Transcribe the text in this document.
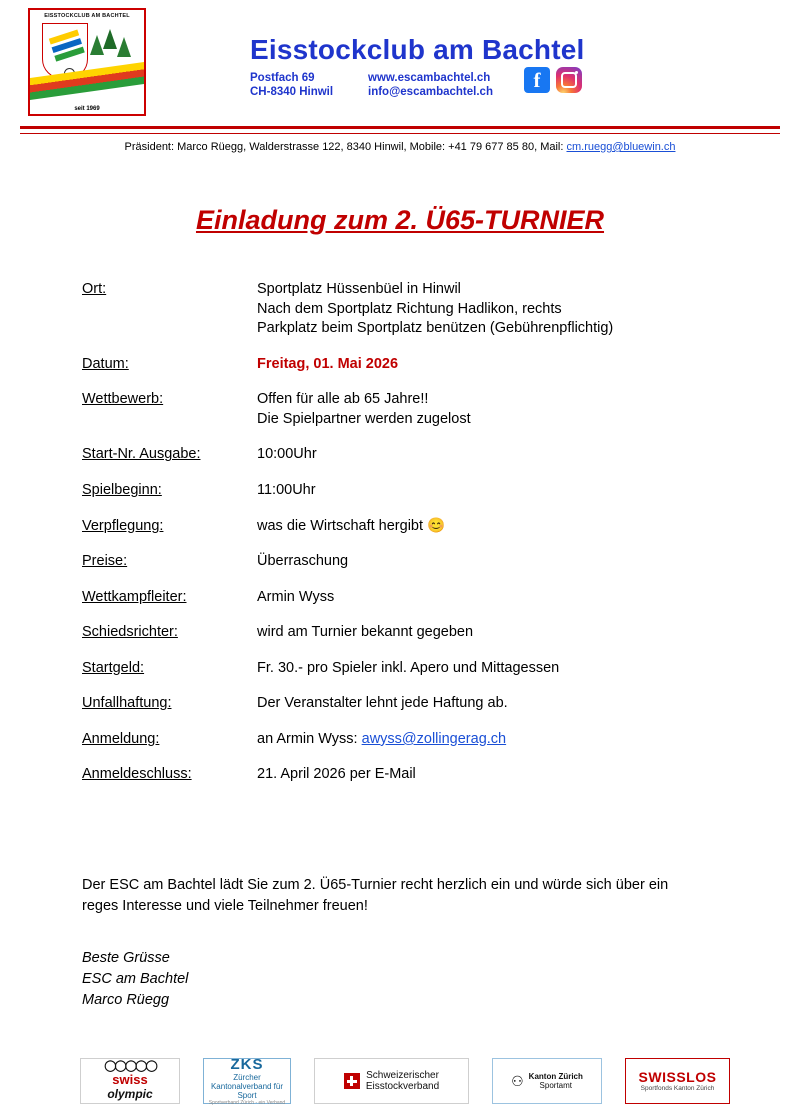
EISSTOCKCLUB AM BACHTEL
seit 1969
Eisstockclub am Bachtel
Postfach 69
CH-8340 Hinwil
www.escambachtel.ch
info@escambachtel.ch
f
Präsident: Marco Rüegg, Walderstrasse 122, 8340 Hinwil, Mobile: +41 79 677 85 80, Mail: cm.ruegg@bluewin.ch
Einladung zum 2. Ü65-TURNIER
Ort:	Sportplatz Hüssenbüel in Hinwil
Nach dem Sportplatz Richtung Hadlikon, rechts
Parkplatz beim Sportplatz benützen (Gebührenpflichtig)
Datum:	Freitag, 01. Mai 2026
Wettbewerb:	Offen für alle ab 65 Jahre!!
Die Spielpartner werden zugelost
Start-Nr. Ausgabe:	10:00Uhr
Spielbeginn:	11:00Uhr
Verpflegung:	was die Wirtschaft hergibt 😊
Preise:	Überraschung
Wettkampfleiter:	Armin Wyss
Schiedsrichter:	wird am Turnier bekannt gegeben
Startgeld:	Fr. 30.- pro Spieler inkl. Apero und Mittagessen
Unfallhaftung:	Der Veranstalter lehnt jede Haftung ab.
Anmeldung:	an Armin Wyss: awyss@zollingerag.ch
Anmeldeschluss:	21. April 2026 per E-Mail
Der ESC am Bachtel lädt Sie zum 2. Ü65-Turnier recht herzlich ein und würde sich über ein reges Interesse und viele Teilnehmer freuen!
Beste Grüsse
ESC am Bachtel
Marco Rüegg
◯◯◯◯◯
swiss
olympic
ZKS
Zürcher Kantonalverband für Sport
Sportverband Zürich - ein Verband
Schweizerischer
Eisstockverband	⚇ Kanton Zürich
Sportamt
SWISSLOS
Sportfonds Kanton Zürich
